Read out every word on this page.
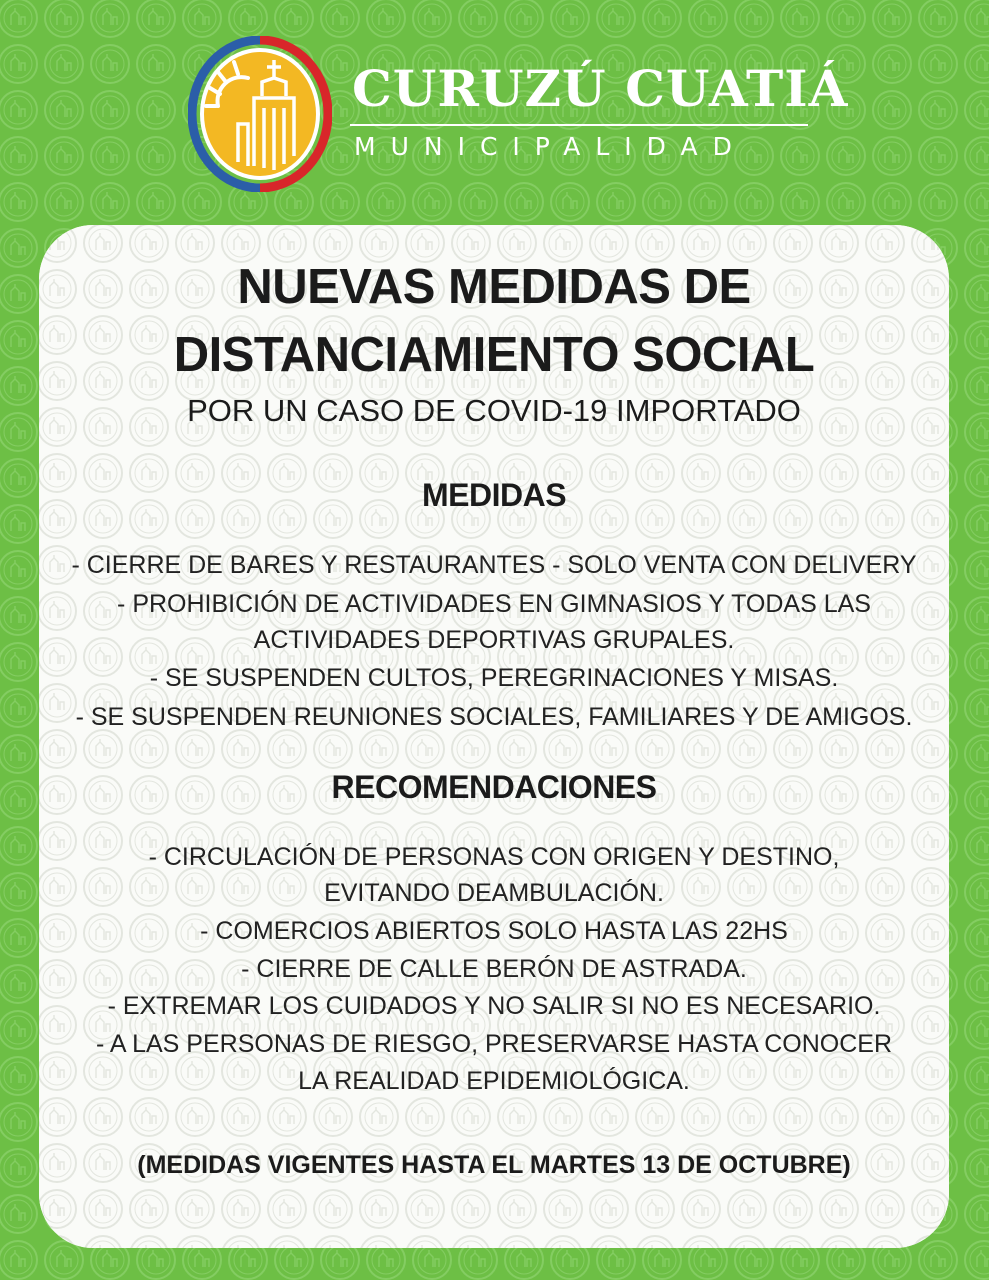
CURUZÚ CUATIÁ
MUNICIPALIDAD
NUEVAS MEDIDAS DE
DISTANCIAMIENTO SOCIAL
POR UN CASO DE COVID-19 IMPORTADO
MEDIDAS
- CIERRE DE BARES Y RESTAURANTES - SOLO VENTA CON DELIVERY
- PROHIBICIÓN DE ACTIVIDADES EN GIMNASIOS Y TODAS LAS
ACTIVIDADES DEPORTIVAS GRUPALES.
- SE SUSPENDEN CULTOS, PEREGRINACIONES Y MISAS.
- SE SUSPENDEN REUNIONES SOCIALES, FAMILIARES Y DE AMIGOS.
RECOMENDACIONES
- CIRCULACIÓN DE PERSONAS CON ORIGEN Y DESTINO,
EVITANDO DEAMBULACIÓN.
- COMERCIOS ABIERTOS SOLO HASTA LAS 22HS
- CIERRE DE CALLE BERÓN DE ASTRADA.
- EXTREMAR LOS CUIDADOS Y NO SALIR SI NO ES NECESARIO.
- A LAS PERSONAS DE RIESGO, PRESERVARSE HASTA CONOCER
LA REALIDAD EPIDEMIOLÓGICA.
(MEDIDAS VIGENTES HASTA EL MARTES 13 DE OCTUBRE)
